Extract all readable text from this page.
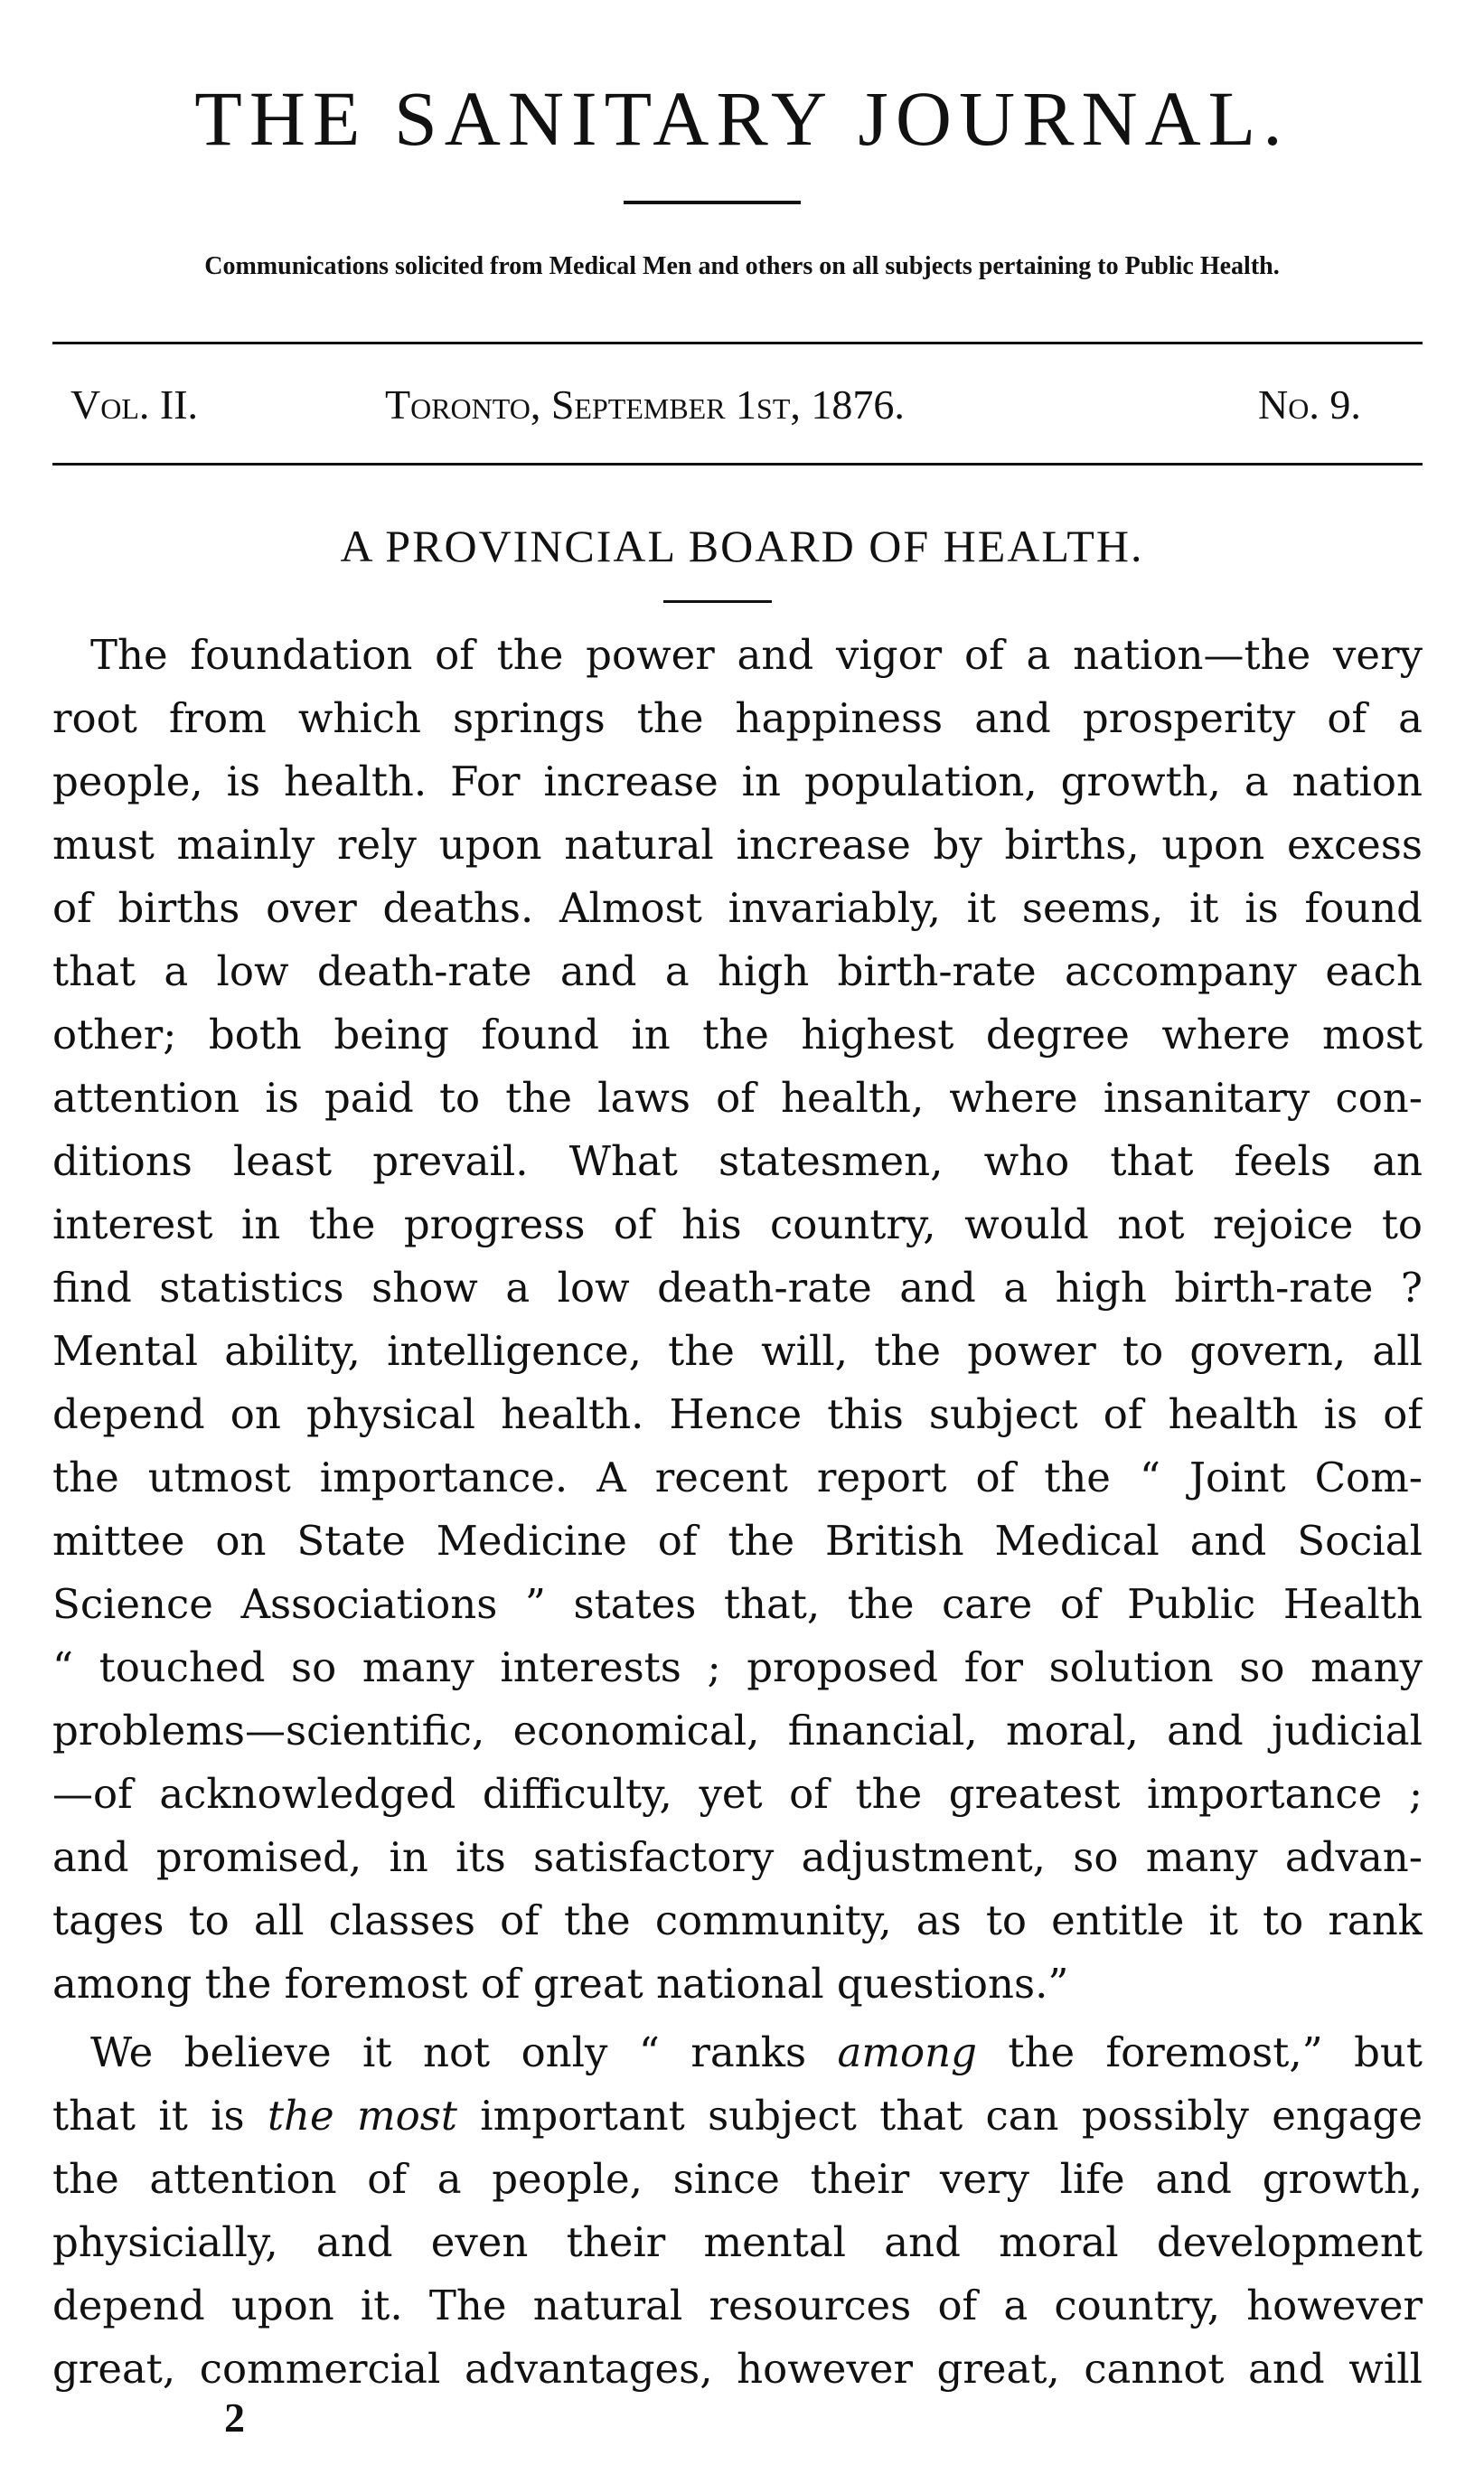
THE SANITARY JOURNAL.
Communications solicited from Medical Men and others on all subjects pertaining to Public Health.
Vol. II.	Toronto, September 1st, 1876.	No. 9.
A PROVINCIAL BOARD OF HEALTH.
The foundation of the power and vigor of a nation—the very
root from which springs the happiness and prosperity of a
people, is health. For increase in population, growth, a nation
must mainly rely upon natural increase by births, upon excess
of births over deaths. Almost invariably, it seems, it is found
that a low death-rate and a high birth-rate accompany each
other; both being found in the highest degree where most
attention is paid to the laws of health, where insanitary con-
ditions least prevail. What statesmen, who that feels an
interest in the progress of his country, would not rejoice to
find statistics show a low death-rate and a high birth-rate ?
Mental ability, intelligence, the will, the power to govern, all
depend on physical health. Hence this subject of health is of
the utmost importance. A recent report of the “ Joint Com-
mittee on State Medicine of the British Medical and Social
Science Associations ” states that, the care of Public Health
“ touched so many interests ; proposed for solution so many
problems—scientific, economical, financial, moral, and judicial
—of acknowledged difficulty, yet of the greatest importance ;
and promised, in its satisfactory adjustment, so many advan-
tages to all classes of the community, as to entitle it to rank
among the foremost of great national questions.”
We believe it not only “ ranks among the foremost,” but
that it is the most important subject that can possibly engage
the attention of a people, since their very life and growth,
physicially, and even their mental and moral development
depend upon it. The natural resources of a country, however
great, commercial advantages, however great, cannot and will
2
